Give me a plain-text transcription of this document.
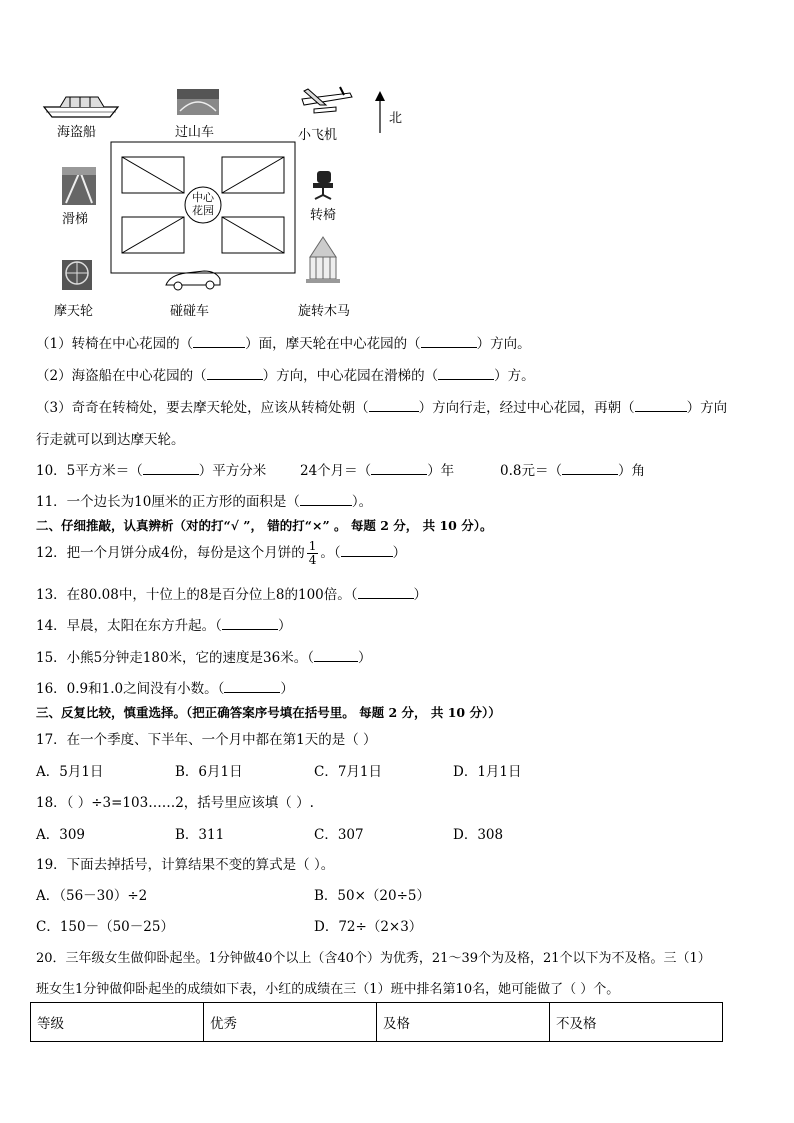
中心花园
海盗船	过山车	小飞机
北
滑梯	转椅
摩天轮	碰碰车	旋转木马
（1）转椅在中心花园的（	）面，摩天轮在中心花园的（	）方向。
（2）海盗船在中心花园的（	）方向，中心花园在滑梯的（	）方。
（3）奇奇在转椅处，要去摩天轮处，应该从转椅处朝（	）方向行走，经过中心花园，再朝（	）方向
行走就可以到达摩天轮。
10．5平方米＝（	）平方分米 24个月＝（	）年	0.8元＝（	）角
11．一个边长为10厘米的正方形的面积是（	）。
二、仔细推敲，认真辨析（对的打“√ ”， 错的打“×” 。 每题 2 分， 共 10 分）。
12．把一个月饼分成4份，每份是这个月饼的 $\frac{1}{4}$ 。（	）
13．在80.08中，十位上的8是百分位上8的100倍。（	）
14．早晨，太阳在东方升起。（	）
15．小熊5分钟走180米，它的速度是36米。（	）
16．0.9和1.0之间没有小数。（	）
三、反复比较，慎重选择。（把正确答案序号填在括号里。 每题 2 分， 共 10 分））
17．在一个季度、下半年、一个月中都在第1天的是（ ）
A．5月1日	B．6月1日	C．7月1日	D．1月1日
18．（ ）÷3=103……2，括号里应该填（ ）.
A．309	B．311	C．307	D．308
19．下面去掉括号，计算结果不变的算式是（ ）。
A．（56－30）÷2	B．50×（20÷5）
C．150－（50－25）	D．72÷（2×3）
20．三年级女生做仰卧起坐。1分钟做40个以上（含40个）为优秀，21～39个为及格，21个以下为不及格。三（1）
班女生1分钟做仰卧起坐的成绩如下表，小红的成绩在三（1）班中排名第10名，她可能做了（ ）个。
等级	优秀	及格	不及格
